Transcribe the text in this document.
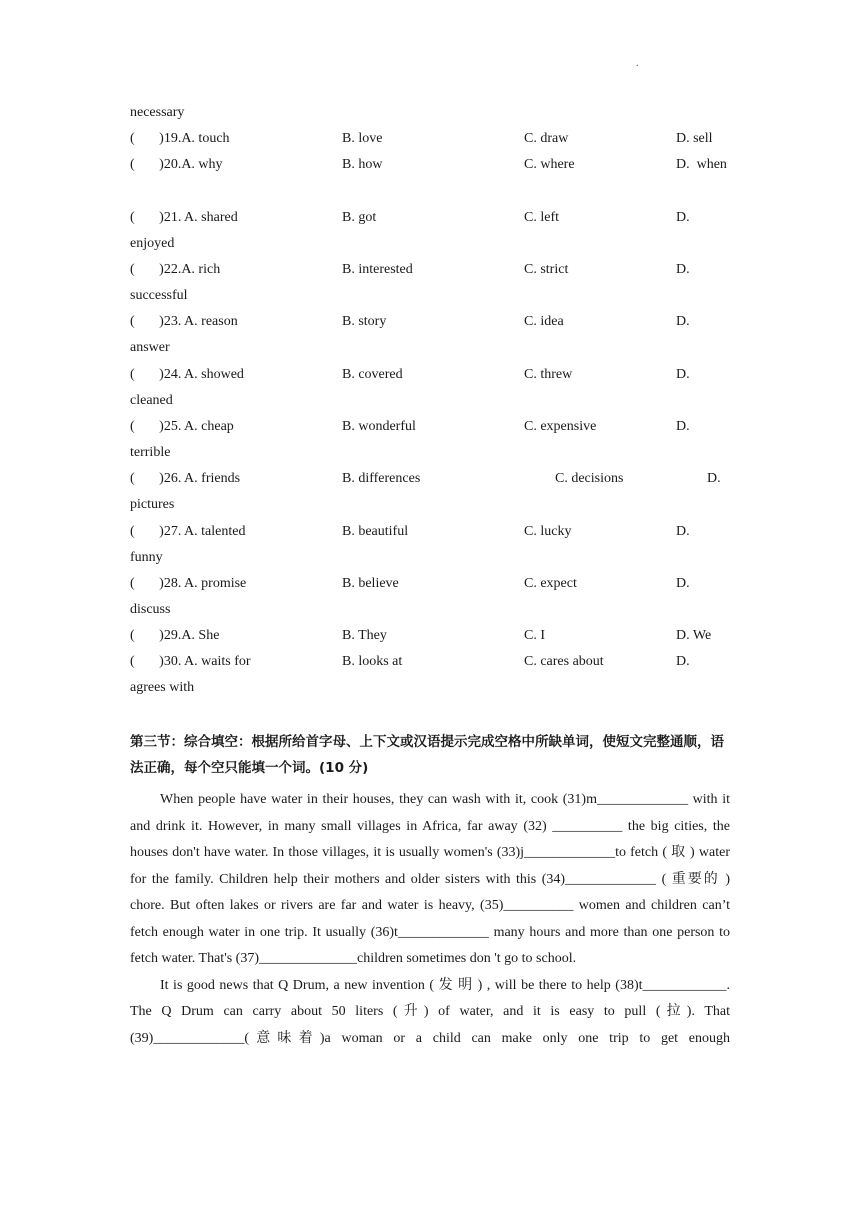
.
necessary
(       )19.A. touch	B. love	C. draw	D. sell
(       )20.A. why	B. how	C. where	D.  when
(       )21. A. shared	B. got	C. left	D.
enjoyed
(       )22.A. rich	B. interested	C. strict	D.
successful
(       )23. A. reason	B. story	C. idea	D.
answer
(       )24. A. showed	B. covered	C. threw	D.
cleaned
(       )25. A. cheap	B. wonderful	C. expensive	D.
terrible
(       )26. A. friends	B. differences	C. decisions	D.
pictures
(       )27. A. talented	B. beautiful	C. lucky	D.
funny
(       )28. A. promise	B. believe	C. expect	D.
discuss
(       )29.A. She	B. They	C. I	D. We
(       )30. A. waits for	B. looks at	C. cares about	D.
agrees with
第三节：综合填空：根据所给首字母、上下文或汉语提示完成空格中所缺单词，使短文完整通顺，语法正确，每个空只能填一个词。(10 分)

When people have water in their houses, they can wash with it, cook (31)m_____________ with it and drink it. However, in many small villages in Africa, far away (32) __________ the big cities, the houses don't have water. In those villages, it is usually women's (33)j_____________to fetch ( 取 ) water for the family. Children help their mothers and older sisters with this (34)_____________ ( 重要的 ) chore. But often lakes or rivers are far and water is heavy, (35)__________ women and children can’t fetch enough water in one trip. It usually (36)t_____________ many hours and more than one person to fetch water. That's (37)______________children sometimes don 't go to school.

It is good news that Q Drum, a new invention ( 发 明 ) , will be there to help (38)t____________. The Q Drum can carry about 50 liters (升) of water, and it is easy to pull (拉). That (39)_____________(意味着)a woman or a child can make only one trip to get enough
